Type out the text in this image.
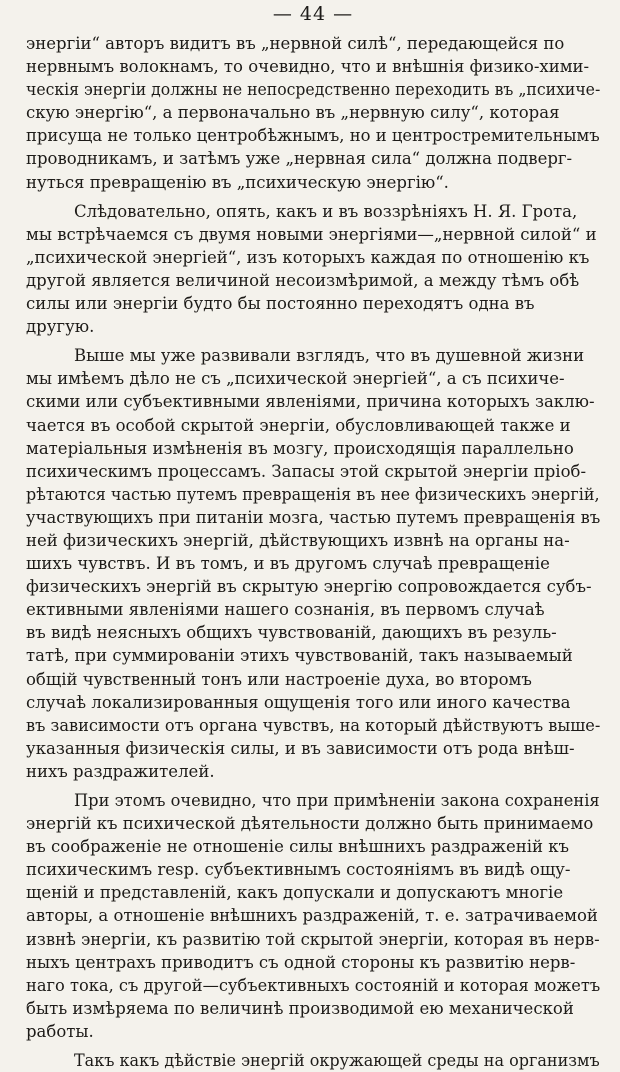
— 44 —
энергiи“ авторъ видитъ въ „нервной силѣ“, передающейся по
нервнымъ волокнамъ, то очевидно, что и внѣшнiя физико-хими-
ческiя энергiи должны не непосредственно переходить въ „психиче-
скую энергiю“, а первоначально въ „нервную силу“, которая
присуща не только центробѣжнымъ, но и центростремительнымъ
проводникамъ, и затѣмъ уже „нервная сила“ должна подверг-
нуться превращенiю въ „психическую энергiю“.
Слѣдовательно, опять, какъ и въ воззрѣнiяхъ Н. Я. Грота,
мы встрѣчаемся съ двумя новыми энергiями—„нервной силой“ и
„психической энергiей“, изъ которыхъ каждая по отношенiю къ
другой является величиной несоизмѣримой, а между тѣмъ обѣ
силы или энергiи будто бы постоянно переходятъ одна въ
другую.
Выше мы уже развивали взглядъ, что въ душевной жизни
мы имѣемъ дѣло не съ „психической энергiей“, а съ психиче-
скими или субъективными явленiями, причина которыхъ заклю-
чается въ особой скрытой энергiи, обусловливающей также и
матерiальныя измѣненiя въ мозгу, происходящiя параллельно
психическимъ процессамъ. Запасы этой скрытой энергiи прiоб-
рѣтаются частью путемъ превращенiя въ нее физическихъ энергiй,
участвующихъ при питанiи мозга, частью путемъ превращенiя въ
ней физическихъ энергiй, дѣйствующихъ извнѣ на органы на-
шихъ чувствъ. И въ томъ, и въ другомъ случаѣ превращенiе
физическихъ энергiй въ скрытую энергiю сопровождается субъ-
ективными явленiями нашего сознанiя, въ первомъ случаѣ
въ видѣ неясныхъ общихъ чувствованiй, дающихъ въ резуль-
татѣ, при суммированiи этихъ чувствованiй, такъ называемый
общiй чувственный тонъ или настроенiе духа, во второмъ
случаѣ локализированныя ощущенiя того или иного качества
въ зависимости отъ органа чувствъ, на который дѣйствуютъ выше-
указанныя физическiя силы, и въ зависимости отъ рода внѣш-
нихъ раздражителей.
При этомъ очевидно, что при примѣненiи закона сохраненiя
энергiй къ психической дѣятельности должно быть принимаемо
въ соображенiе не отношенiе силы внѣшнихъ раздраженiй къ
психическимъ resp. субъективнымъ состоянiямъ въ видѣ ощу-
щенiй и представленiй, какъ допускали и допускаютъ многiе
авторы, а отношенiе внѣшнихъ раздраженiй, т. е. затрачиваемой
извнѣ энергiи, къ развитiю той скрытой энергiи, которая въ нерв-
ныхъ центрахъ приводитъ съ одной стороны къ развитiю нерв-
наго тока, съ другой—субъективныхъ состоянiй и которая можетъ
быть измѣряема по величинѣ производимой ею механической
работы.
Такъ какъ дѣйствiе энергiй окружающей среды на организмъ
